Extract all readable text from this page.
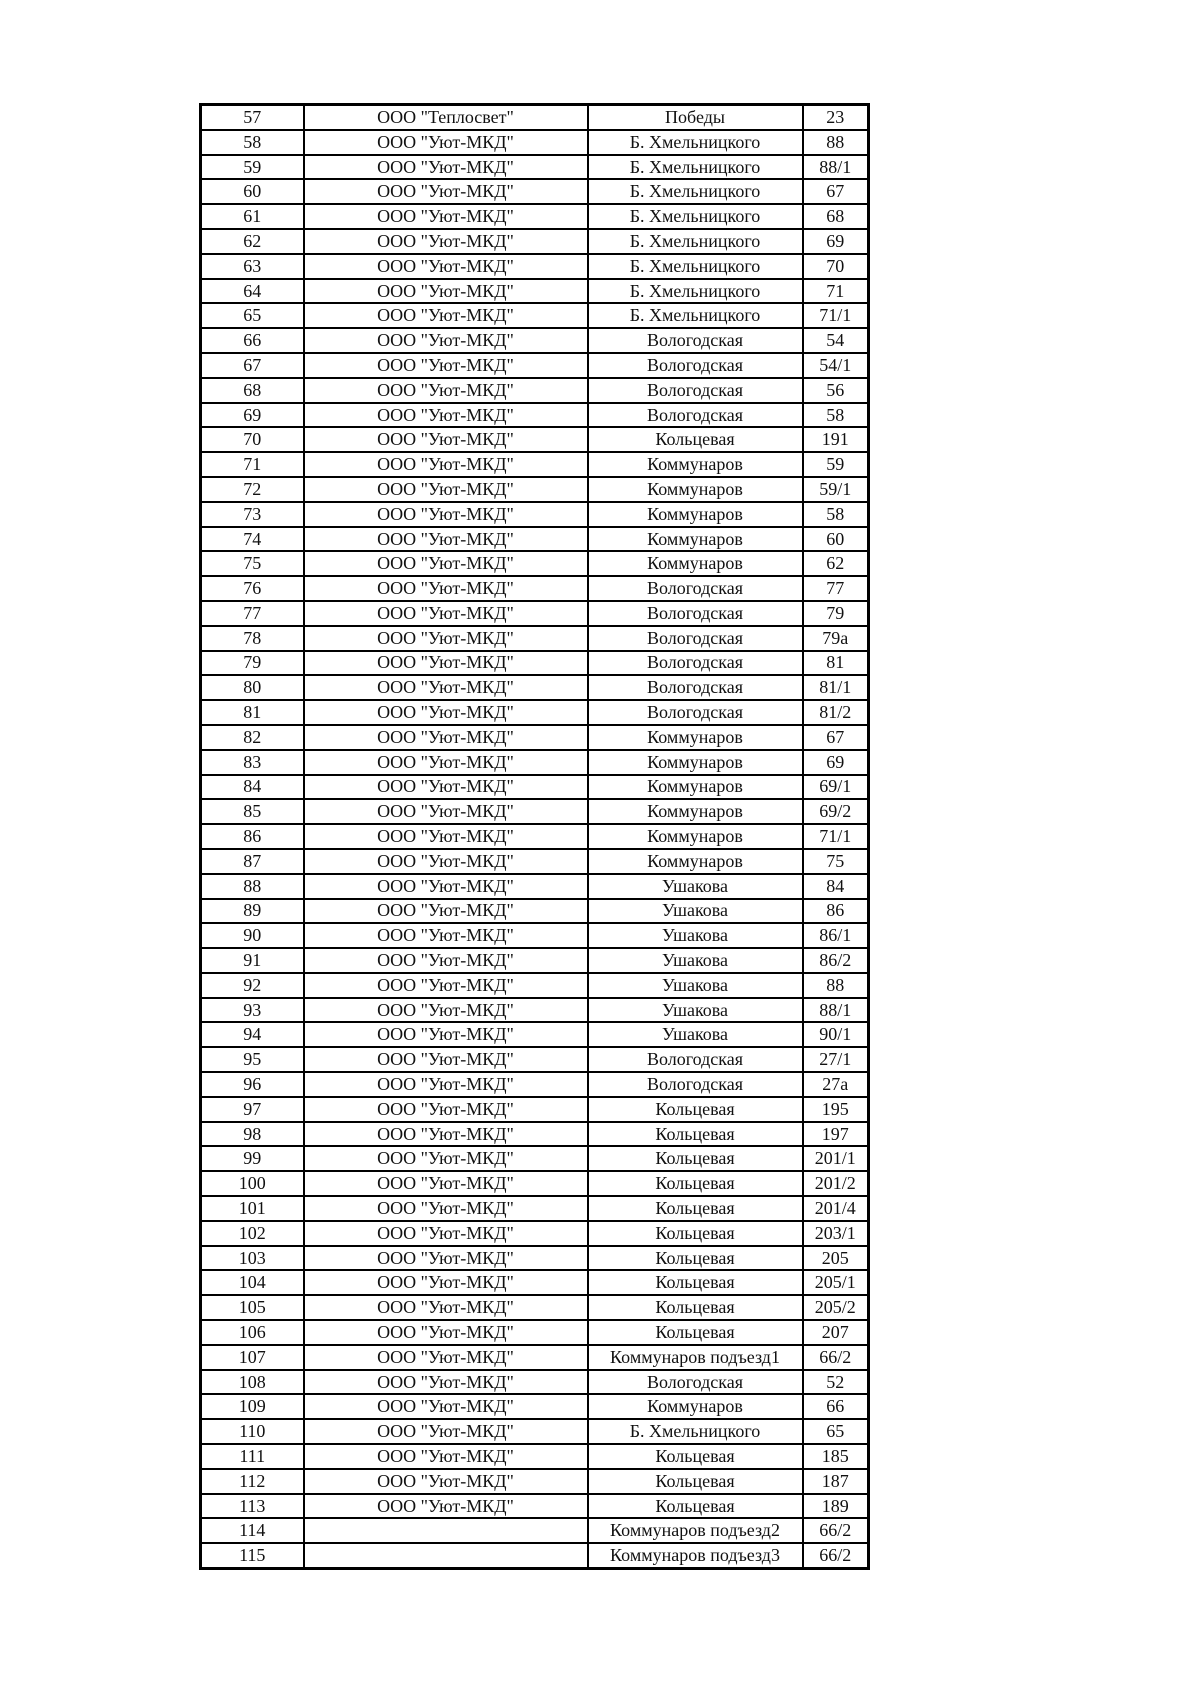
57	ООО "Теплосвет"	Победы	23
58	ООО "Уют-МКД"	Б. Хмельницкого	88
59	ООО "Уют-МКД"	Б. Хмельницкого	88/1
60	ООО "Уют-МКД"	Б. Хмельницкого	67
61	ООО "Уют-МКД"	Б. Хмельницкого	68
62	ООО "Уют-МКД"	Б. Хмельницкого	69
63	ООО "Уют-МКД"	Б. Хмельницкого	70
64	ООО "Уют-МКД"	Б. Хмельницкого	71
65	ООО "Уют-МКД"	Б. Хмельницкого	71/1
66	ООО "Уют-МКД"	Вологодская	54
67	ООО "Уют-МКД"	Вологодская	54/1
68	ООО "Уют-МКД"	Вологодская	56
69	ООО "Уют-МКД"	Вологодская	58
70	ООО "Уют-МКД"	Кольцевая	191
71	ООО "Уют-МКД"	Коммунаров	59
72	ООО "Уют-МКД"	Коммунаров	59/1
73	ООО "Уют-МКД"	Коммунаров	58
74	ООО "Уют-МКД"	Коммунаров	60
75	ООО "Уют-МКД"	Коммунаров	62
76	ООО "Уют-МКД"	Вологодская	77
77	ООО "Уют-МКД"	Вологодская	79
78	ООО "Уют-МКД"	Вологодская	79а
79	ООО "Уют-МКД"	Вологодская	81
80	ООО "Уют-МКД"	Вологодская	81/1
81	ООО "Уют-МКД"	Вологодская	81/2
82	ООО "Уют-МКД"	Коммунаров	67
83	ООО "Уют-МКД"	Коммунаров	69
84	ООО "Уют-МКД"	Коммунаров	69/1
85	ООО "Уют-МКД"	Коммунаров	69/2
86	ООО "Уют-МКД"	Коммунаров	71/1
87	ООО "Уют-МКД"	Коммунаров	75
88	ООО "Уют-МКД"	Ушакова	84
89	ООО "Уют-МКД"	Ушакова	86
90	ООО "Уют-МКД"	Ушакова	86/1
91	ООО "Уют-МКД"	Ушакова	86/2
92	ООО "Уют-МКД"	Ушакова	88
93	ООО "Уют-МКД"	Ушакова	88/1
94	ООО "Уют-МКД"	Ушакова	90/1
95	ООО "Уют-МКД"	Вологодская	27/1
96	ООО "Уют-МКД"	Вологодская	27а
97	ООО "Уют-МКД"	Кольцевая	195
98	ООО "Уют-МКД"	Кольцевая	197
99	ООО "Уют-МКД"	Кольцевая	201/1
100	ООО "Уют-МКД"	Кольцевая	201/2
101	ООО "Уют-МКД"	Кольцевая	201/4
102	ООО "Уют-МКД"	Кольцевая	203/1
103	ООО "Уют-МКД"	Кольцевая	205
104	ООО "Уют-МКД"	Кольцевая	205/1
105	ООО "Уют-МКД"	Кольцевая	205/2
106	ООО "Уют-МКД"	Кольцевая	207
107	ООО "Уют-МКД"	Коммунаров подъезд1	66/2
108	ООО "Уют-МКД"	Вологодская	52
109	ООО "Уют-МКД"	Коммунаров	66
110	ООО "Уют-МКД"	Б. Хмельницкого	65
111	ООО "Уют-МКД"	Кольцевая	185
112	ООО "Уют-МКД"	Кольцевая	187
113	ООО "Уют-МКД"	Кольцевая	189
114		Коммунаров подъезд2	66/2
115		Коммунаров подъезд3	66/2
